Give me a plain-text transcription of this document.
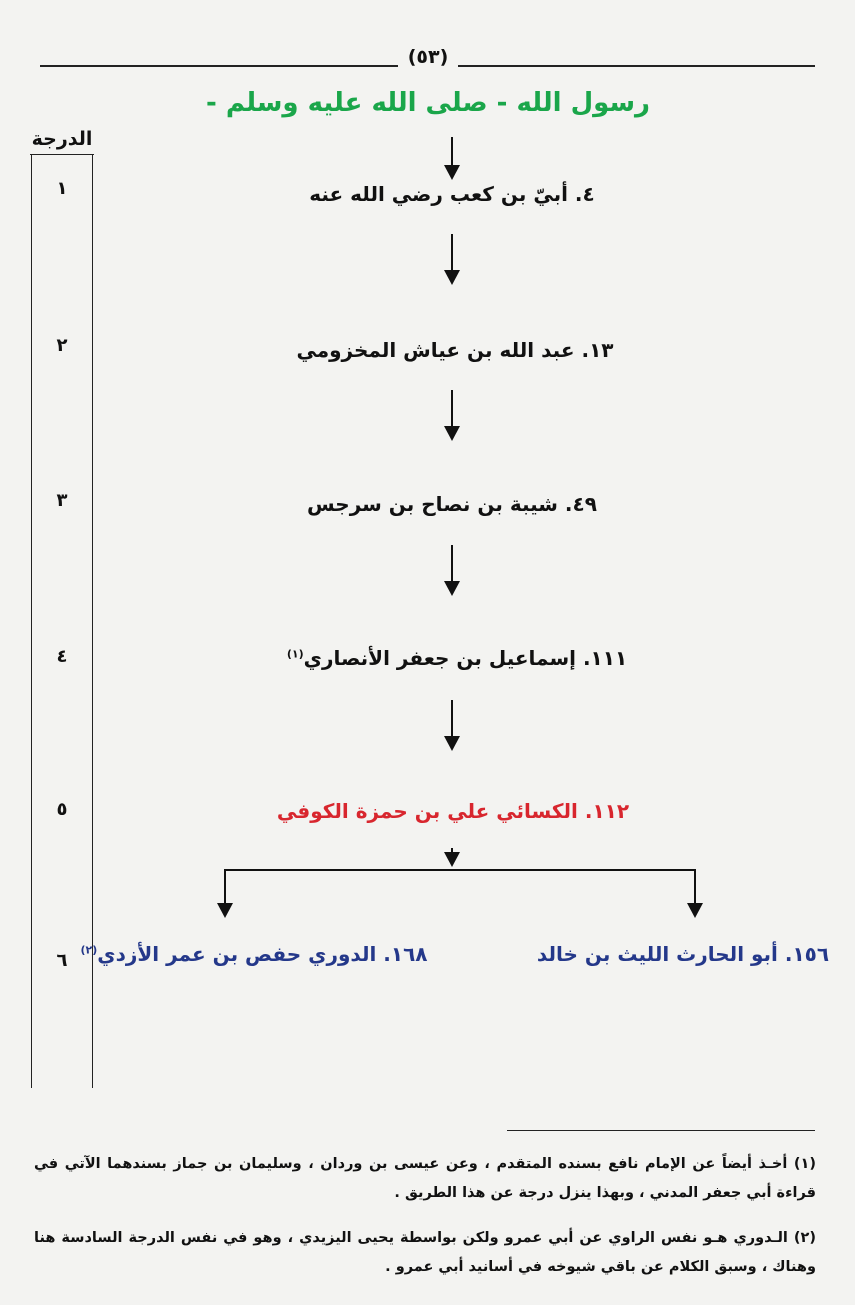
(٥٣)
رسول الله - صلى الله عليه وسلم -
الدرجة
١
٢
٣
٤
٥
٦
٤. أبيّ بن كعب رضي الله عنه
١٣. عبد الله بن عياش المخزومي
٤٩. شيبة بن نصاح بن سرجس
١١١. إسماعيل بن جعفر الأنصاري$^{(١)}$
١١٢. الكسائي علي بن حمزة الكوفي
١٥٦. أبو الحارث الليث بن خالد
١٦٨. الدوري حفص بن عمر الأزدي$^{(٢)}$
(١) أخـذ أيضاً عن الإمام نافع بسنده المتقدم ، وعن عيسى بن وردان ، وسليمان بن جماز بسندهما الآتي في قراءة أبي جعفر المدني ، وبهذا ينزل درجة عن هذا الطريق .
(٢) الـدوري هـو نفس الراوي عن أبي عمرو ولكن بواسطة يحيى اليزيدي ، وهو في نفس الدرجة السادسة هنا وهناك ، وسبق الكلام عن باقي شيوخه في أسانيد أبي عمرو .
